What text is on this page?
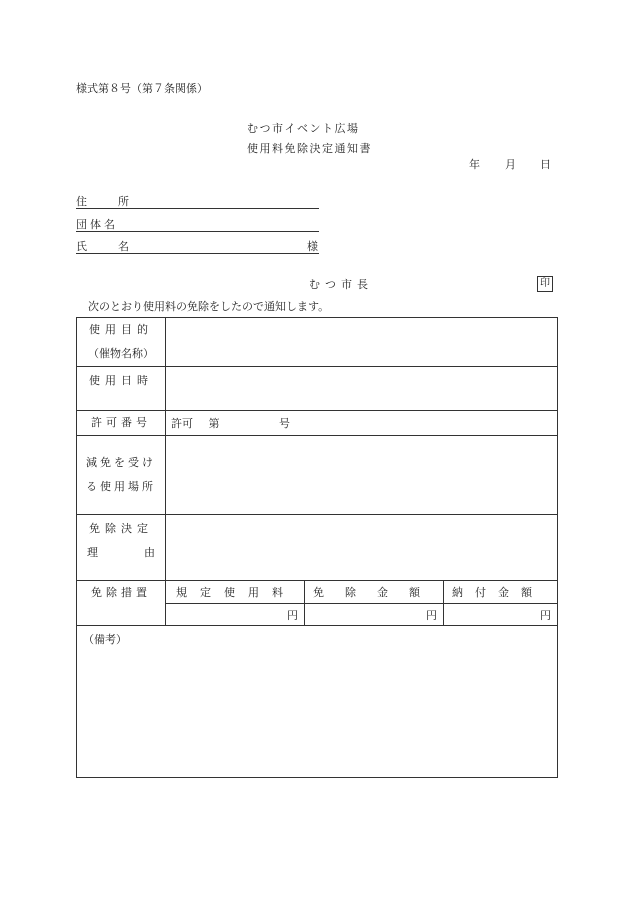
様式第８号（第７条関係）
むつ市イベント広場
使用料免除決定通知書
年 月 日
住　所
団体名
氏　名	様
むつ市長	印
次のとおり使用料の免除をしたので通知します。
使用目的
（催物名称）			

使用日時			

許可番号	許可 第 号		

減免を受け
る使用場所			

免除決定
理 由			

免除措置	規定使用料	免除金額	納付金額
	円	円	円
（備考）			
